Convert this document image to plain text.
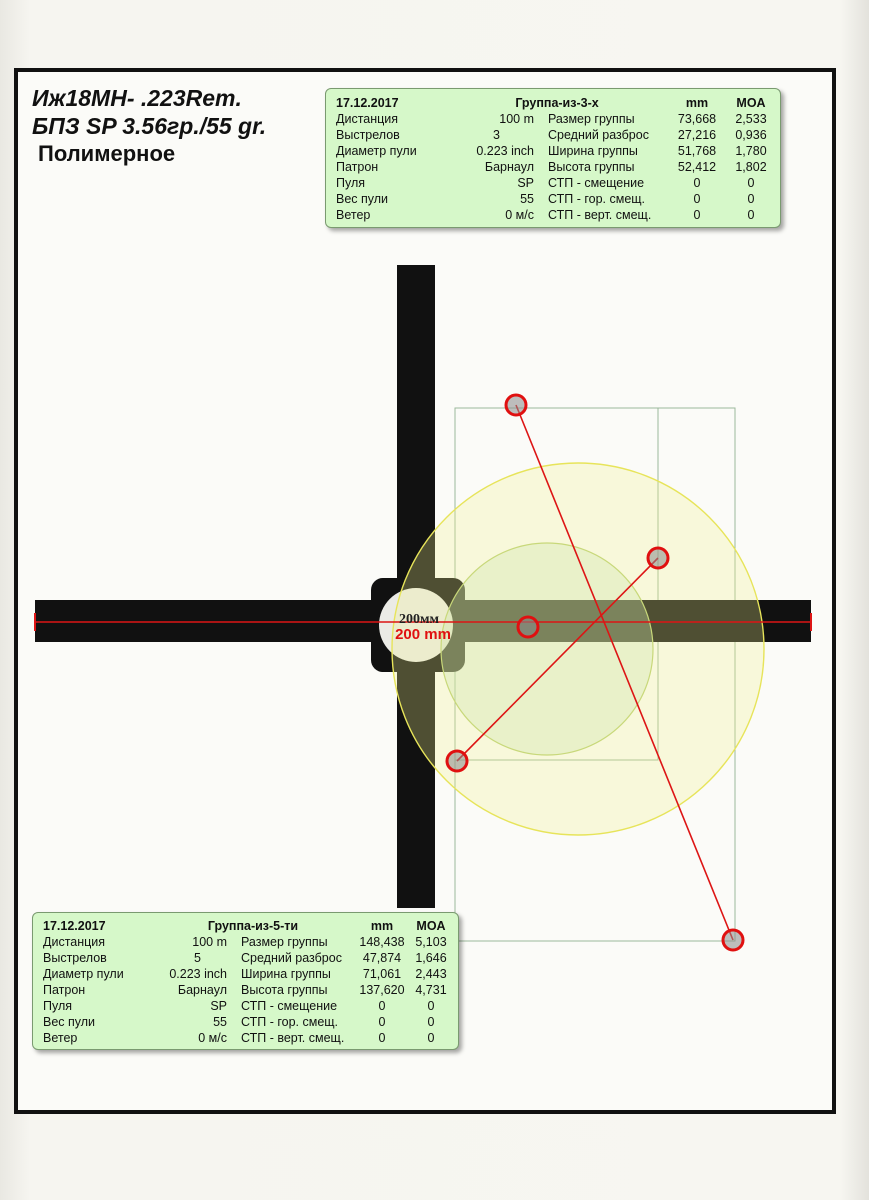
200мм
200 mm
Иж18МН- .223Rem.
БПЗ SP 3.56гр./55 gr.
Полимерное
17.12.2017	Группа-из-3-х		mm	MOA
Дистанция	100 m	Размер группы	73,668	2,533
Выстрелов	3	Средний разброс	27,216	0,936
Диаметр пули	0.223 inch	Ширина группы	51,768	1,780
Патрон	Барнаул	Высота группы	52,412	1,802
Пуля	SP	СТП - смещение	0	0
Вес пули	55	СТП - гор. смещ.	0	0
Ветер	0 м/с	СТП - верт. смещ.	0	0
17.12.2017	Группа-из-5-ти		mm	MOA
Дистанция	100 m	Размер группы	148,438	5,103
Выстрелов	5	Средний разброс	47,874	1,646
Диаметр пули	0.223 inch	Ширина группы	71,061	2,443
Патрон	Барнаул	Высота группы	137,620	4,731
Пуля	SP	СТП - смещение	0	0
Вес пули	55	СТП - гор. смещ.	0	0
Ветер	0 м/с	СТП - верт. смещ.	0	0
